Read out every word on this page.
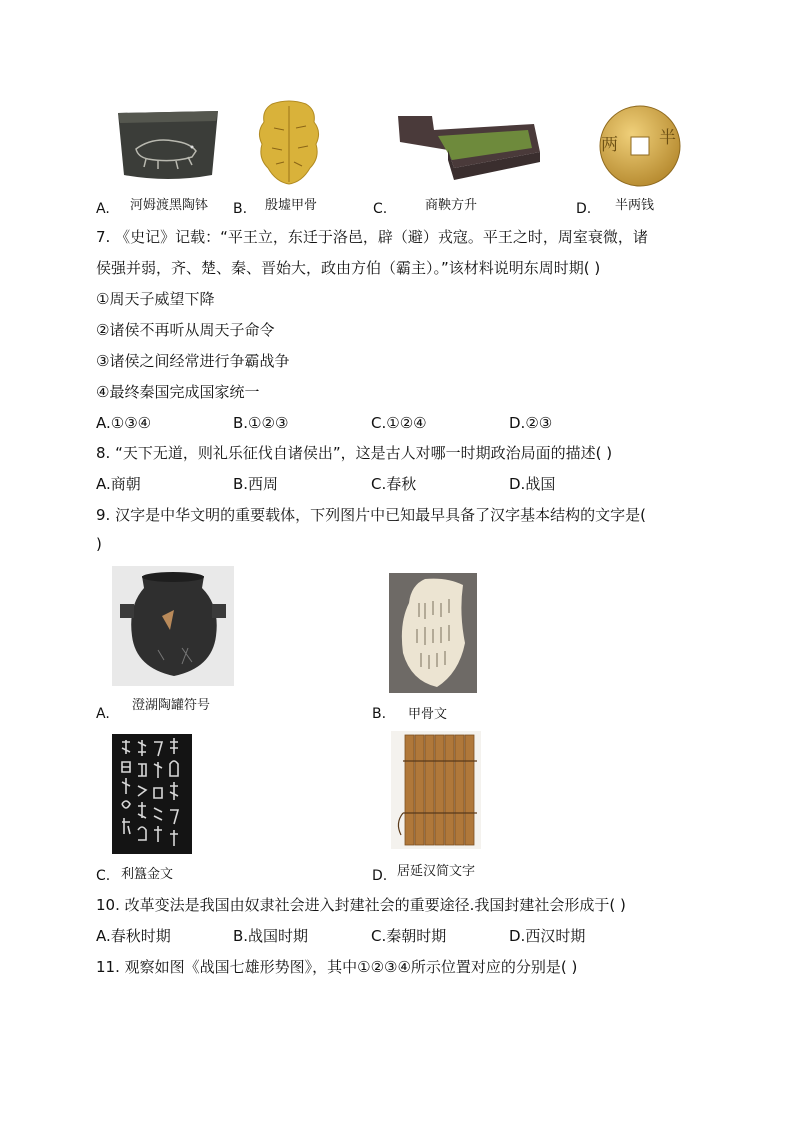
两 半
A. 河姆渡黑陶钵 B. 殷墟甲骨	C.	商鞅方升	D. 半两钱
7. 《史记》记载：“平王立，东迁于洛邑，辟（避）戎寇。平王之时，周室衰微，诸
侯强并弱，齐、楚、秦、晋始大，政由方伯（霸主）。”该材料说明东周时期( )
①周天子威望下降
②诸侯不再听从周天子命令
③诸侯之间经常进行争霸战争
④最终秦国完成国家统一
A.①③④	B.①②③	C.①②④	D.②③
8. “天下无道，则礼乐征伐自诸侯出”，这是古人对哪一时期政治局面的描述( )
A.商朝	B.西周	C.春秋	D.战国
9. 汉字是中华文明的重要载体，下列图片中已知最早具备了汉字基本结构的文字是(
)
A.
澄湖陶罐符号
B. 甲骨文
C. 利簋金文	D. 居延汉简文字
10. 改革变法是我国由奴隶社会进入封建社会的重要途径.我国封建社会形成于( )
A.春秋时期	B.战国时期	C.秦朝时期	D.西汉时期
11. 观察如图《战国七雄形势图》，其中①②③④所示位置对应的分别是( )
